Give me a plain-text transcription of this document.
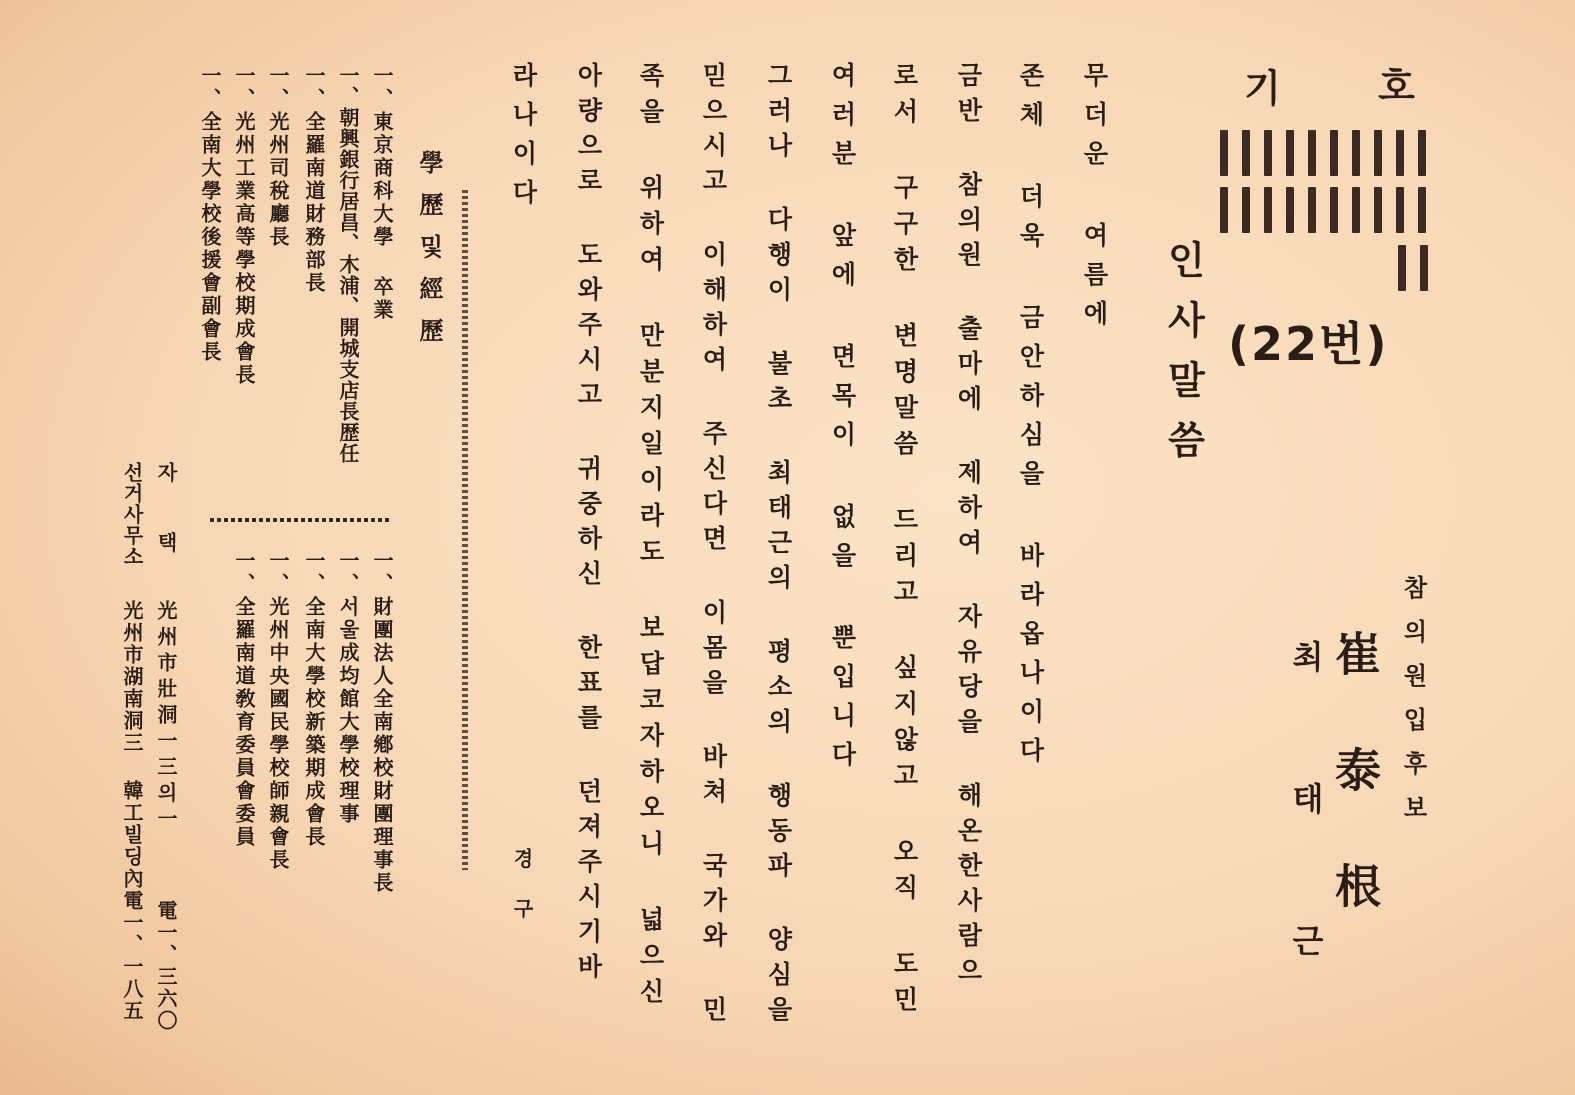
기 호
(22번)
참의원입후보
崔泰根
최태근
인사말씀
무더운 여름에
존체 더욱 금안하심을 바라옵나이다
금반 참의원 출마에 제하여 자유당을 해온한사람으
로서 구구한 변명말씀 드리고 싶지않고 오직 도민
여러분 앞에 면목이 없을 뿐입니다
그러나 다행이 불초 최태근의 평소의 행동파 양심을
믿으시고 이해하여 주신다면 이몸을 바쳐 국가와 민
족을 위하여 만분지일이라도 보답코자하오니 넓으신
아량으로 도와주시고 귀중하신 한표를 던져주시기바
라나이다
경구
學歷및經歷
一、東京商科大學 卒業
一、朝興銀行居昌、木浦、開城支店長歴任
一、全羅南道財務部長
一、光州司稅廳長
一、光州工業高等學校期成會長
一、全南大學校後援會副會長
一、財團法人全南鄕校財團理事長
一、서울成均館大學校理事
一、全南大學校新築期成會長
一、光州中央國民學校師親會長
一、全羅南道敎育委員會委員
자택
光州市壯洞一三의一
電一、三六〇
선거사무소
光州市湖南洞三 韓工빌딩內電一、一八五
